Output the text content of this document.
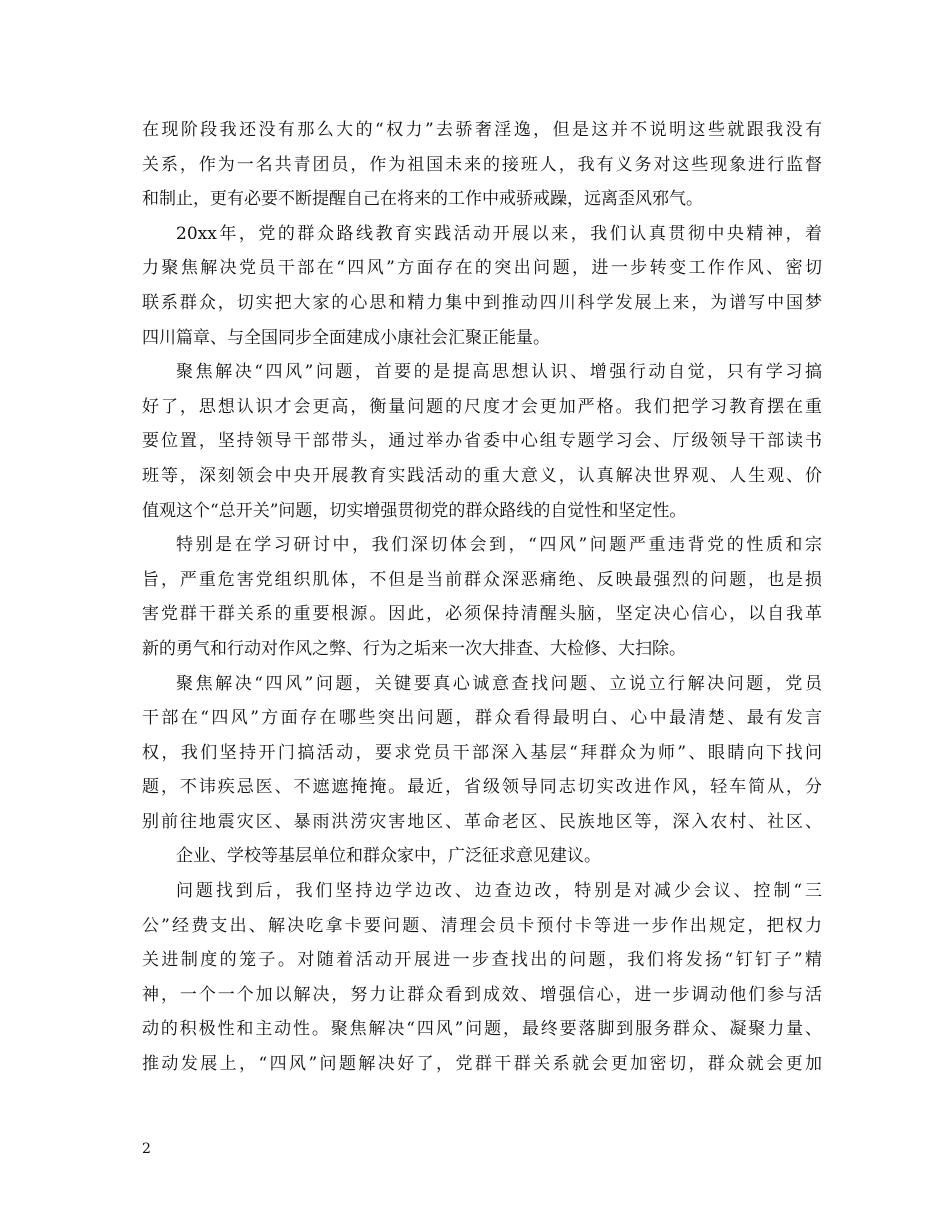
在现阶段我还没有那么大的“权力”去骄奢淫逸，但是这并不说明这些就跟我没有
关系，作为一名共青团员，作为祖国未来的接班人，我有义务对这些现象进行监督
和制止，更有必要不断提醒自己在将来的工作中戒骄戒躁，远离歪风邪气。
20xx年，党的群众路线教育实践活动开展以来，我们认真贯彻中央精神，着
力聚焦解决党员干部在“四风”方面存在的突出问题，进一步转变工作作风、密切
联系群众，切实把大家的心思和精力集中到推动四川科学发展上来，为谱写中国梦
四川篇章、与全国同步全面建成小康社会汇聚正能量。
聚焦解决“四风”问题，首要的是提高思想认识、增强行动自觉，只有学习搞
好了，思想认识才会更高，衡量问题的尺度才会更加严格。我们把学习教育摆在重
要位置，坚持领导干部带头，通过举办省委中心组专题学习会、厅级领导干部读书
班等，深刻领会中央开展教育实践活动的重大意义，认真解决世界观、人生观、价
值观这个“总开关”问题，切实增强贯彻党的群众路线的自觉性和坚定性。
特别是在学习研讨中，我们深切体会到，“四风”问题严重违背党的性质和宗
旨，严重危害党组织肌体，不但是当前群众深恶痛绝、反映最强烈的问题，也是损
害党群干群关系的重要根源。因此，必须保持清醒头脑，坚定决心信心，以自我革
新的勇气和行动对作风之弊、行为之垢来一次大排查、大检修、大扫除。
聚焦解决“四风”问题，关键要真心诚意查找问题、立说立行解决问题，党员
干部在“四风”方面存在哪些突出问题，群众看得最明白、心中最清楚、最有发言
权，我们坚持开门搞活动，要求党员干部深入基层“拜群众为师”、眼睛向下找问
题，不讳疾忌医、不遮遮掩掩。最近，省级领导同志切实改进作风，轻车简从，分
别前往地震灾区、暴雨洪涝灾害地区、革命老区、民族地区等，深入农村、社区、
企业、学校等基层单位和群众家中，广泛征求意见建议。
问题找到后，我们坚持边学边改、边查边改，特别是对减少会议、控制“三
公”经费支出、解决吃拿卡要问题、清理会员卡预付卡等进一步作出规定，把权力
关进制度的笼子。对随着活动开展进一步查找出的问题，我们将发扬“钉钉子”精
神，一个一个加以解决，努力让群众看到成效、增强信心，进一步调动他们参与活
动的积极性和主动性。聚焦解决“四风”问题，最终要落脚到服务群众、凝聚力量、
推动发展上，“四风”问题解决好了，党群干群关系就会更加密切，群众就会更加
2
